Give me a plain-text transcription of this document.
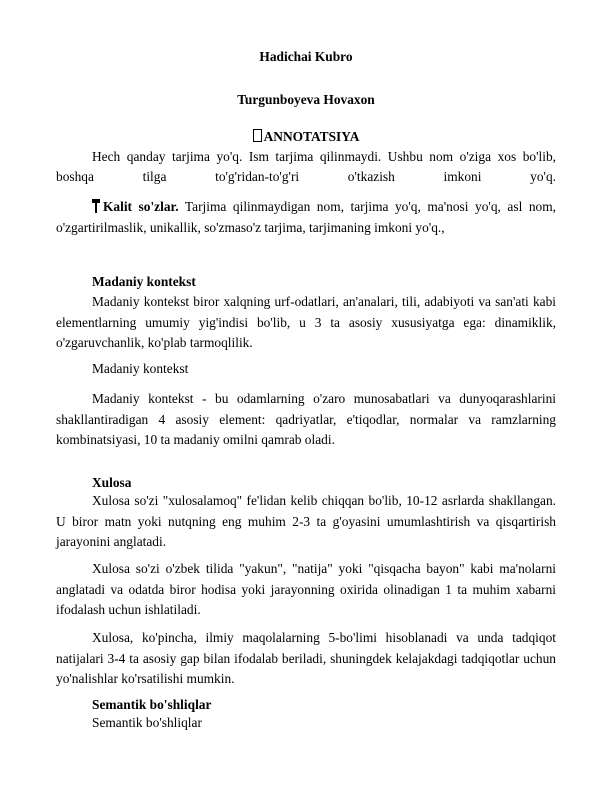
Hadichai Kubro
Turgunboyeva Hovaxon
ANNOTATSIYA
Hech qanday tarjima yo'q. Ism tarjima qilinmaydi. Ushbu nom o'ziga xos bo'lib,
boshqa tilga to'g'ridan-to'g'ri o'tkazish imkoni yo'q.

Kalit so'zlar. Tarjima qilinmaydigan nom, tarjima yo'q, ma'nosi yo'q, asl nom, o'zgartirilmaslik, unikallik, so'zmaso'z tarjima, tarjimaning imkoni yo'q.,

Madaniy kontekst

Madaniy kontekst biror xalqning urf-odatlari, an'analari, tili, adabiyoti va san'ati kabi elementlarning umumiy yig'indisi bo'lib, u 3 ta asosiy xususiyatga ega: dinamiklik, o'zgaruvchanlik, ko'plab tarmoqlilik.

Madaniy kontekst

Madaniy kontekst - bu odamlarning o'zaro munosabatlari va dunyoqarashlarini shakllantiradigan 4 asosiy element: qadriyatlar, e'tiqodlar, normalar va ramzlarning kombinatsiyasi, 10 ta madaniy omilni qamrab oladi.

Xulosa

Xulosa so'zi "xulosalamoq" fe'lidan kelib chiqqan bo'lib, 10-12 asrlarda shakllangan. U biror matn yoki nutqning eng muhim 2-3 ta g'oyasini umumlashtirish va qisqartirish jarayonini anglatadi.

Xulosa so'zi o'zbek tilida "yakun", "natija" yoki "qisqacha bayon" kabi ma'nolarni anglatadi va odatda biror hodisa yoki jarayonning oxirida olinadigan 1 ta muhim xabarni ifodalash uchun ishlatiladi.

Xulosa, ko'pincha, ilmiy maqolalarning 5-bo'limi hisoblanadi va unda tadqiqot natijalari 3-4 ta asosiy gap bilan ifodalab beriladi, shuningdek kelajakdagi tadqiqotlar uchun yo'nalishlar ko'rsatilishi mumkin.

Semantik bo'shliqlar
Semantik bo'shliqlar
